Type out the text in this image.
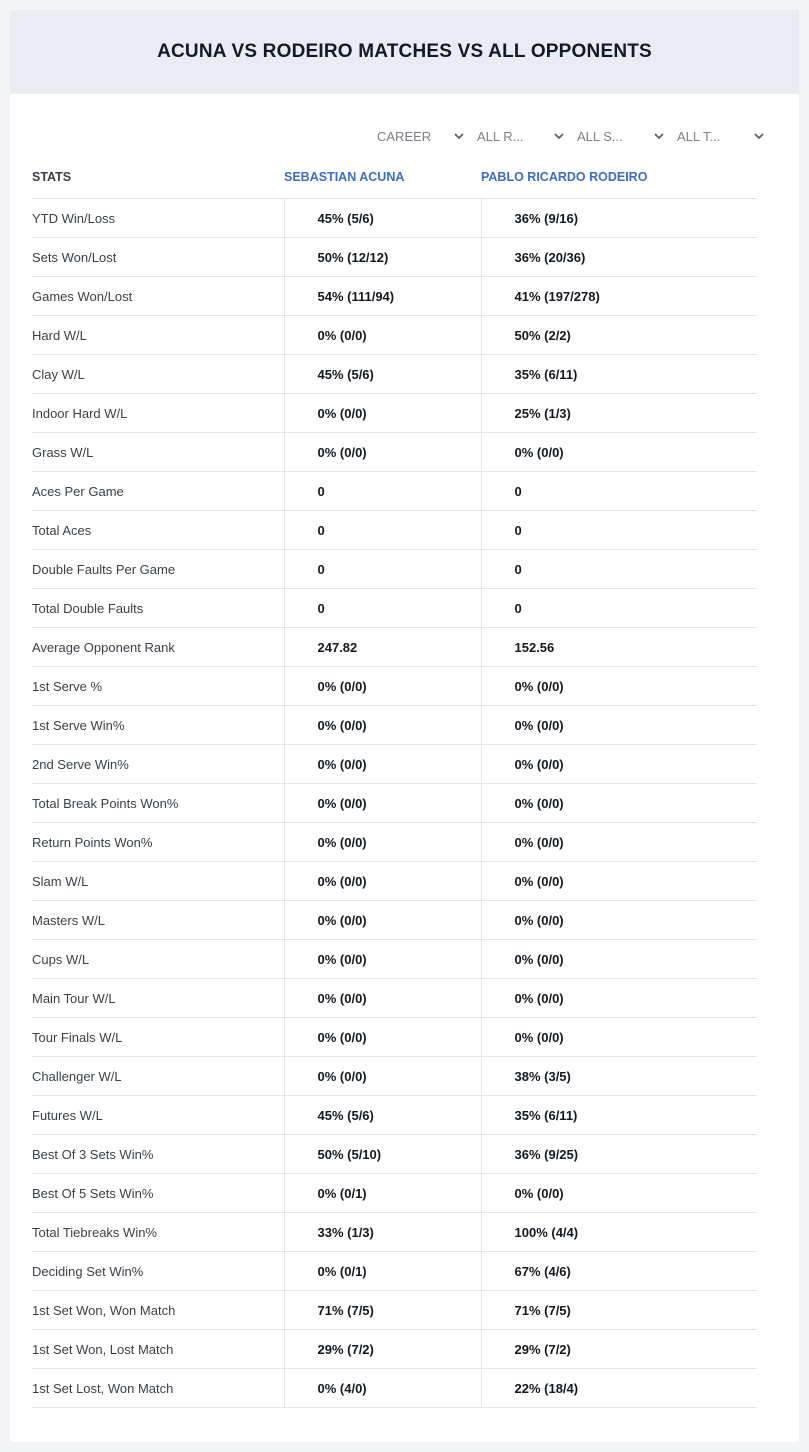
ACUNA VS RODEIRO MATCHES VS ALL OPPONENTS
CAREER	ALL R...	ALL S...	ALL T...
STATS	SEBASTIAN ACUNA	PABLO RICARDO RODEIRO
YTD Win/Loss	45% (5/6)	36% (9/16)
Sets Won/Lost	50% (12/12)	36% (20/36)
Games Won/Lost	54% (111/94)	41% (197/278)
Hard W/L	0% (0/0)	50% (2/2)
Clay W/L	45% (5/6)	35% (6/11)
Indoor Hard W/L	0% (0/0)	25% (1/3)
Grass W/L	0% (0/0)	0% (0/0)
Aces Per Game	0	0
Total Aces	0	0
Double Faults Per Game	0	0
Total Double Faults	0	0
Average Opponent Rank	247.82	152.56
1st Serve %	0% (0/0)	0% (0/0)
1st Serve Win%	0% (0/0)	0% (0/0)
2nd Serve Win%	0% (0/0)	0% (0/0)
Total Break Points Won%	0% (0/0)	0% (0/0)
Return Points Won%	0% (0/0)	0% (0/0)
Slam W/L	0% (0/0)	0% (0/0)
Masters W/L	0% (0/0)	0% (0/0)
Cups W/L	0% (0/0)	0% (0/0)
Main Tour W/L	0% (0/0)	0% (0/0)
Tour Finals W/L	0% (0/0)	0% (0/0)
Challenger W/L	0% (0/0)	38% (3/5)
Futures W/L	45% (5/6)	35% (6/11)
Best Of 3 Sets Win%	50% (5/10)	36% (9/25)
Best Of 5 Sets Win%	0% (0/1)	0% (0/0)
Total Tiebreaks Win%	33% (1/3)	100% (4/4)
Deciding Set Win%	0% (0/1)	67% (4/6)
1st Set Won, Won Match	71% (7/5)	71% (7/5)
1st Set Won, Lost Match	29% (7/2)	29% (7/2)
1st Set Lost, Won Match	0% (4/0)	22% (18/4)
